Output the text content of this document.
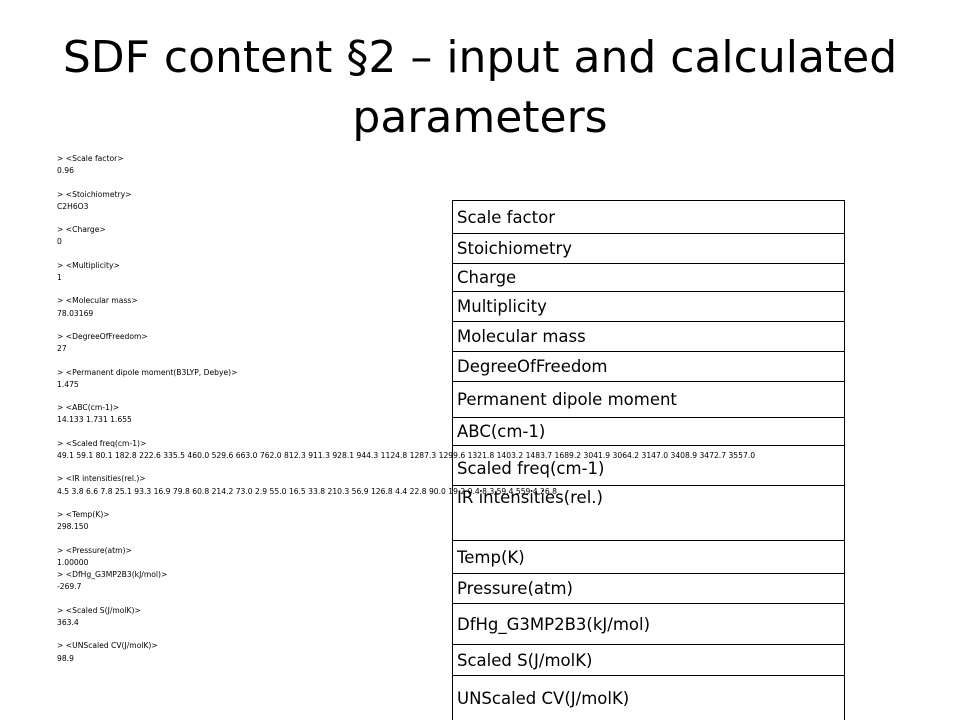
SDF content §2 – input and calculated
parameters
> <Scale factor>
0.96
> <Stoichiometry>
C2H6O3
> <Charge>
0
> <Multiplicity>
1
> <Molecular mass>
78.03169
> <DegreeOfFreedom>
27
> <Permanent dipole moment(B3LYP, Debye)>
1.475
> <ABC(cm-1)>
14.133 1.731 1.655
> <Scaled freq(cm-1)>
49.1 59.1 80.1 182.8 222.6 335.5 460.0 529.6 663.0 762.0 812.3 911.3 928.1 944.3 1124.8 1287.3 1299.6 1321.8 1403.2 1483.7 1689.2 3041.9 3064.2 3147.0 3408.9 3472.7 3557.0
> <IR intensities(rel.)>
4.5 3.8 6.6 7.8 25.1 93.3 16.9 79.8 60.8 214.2 73.0 2.9 55.0 16.5 33.8 210.3 56.9 126.8 4.4 22.8 90.0 19.2 0.4 8.3 59.4 559.4 26.8
> <Temp(K)>
298.150
> <Pressure(atm)>
1.00000
> <DfHg_G3MP2B3(kJ/mol)>
-269.7
> <Scaled S(J/molK)>
363.4
> <UNScaled CV(J/molK)>
98.9
Scale factor
Stoichiometry
Charge
Multiplicity
Molecular mass
DegreeOfFreedom
Permanent dipole moment
ABC(cm-1)
Scaled freq(cm-1)
IR intensities(rel.)
Temp(K)
Pressure(atm)
DfHg_G3MP2B3(kJ/mol)
Scaled S(J/molK)
UNScaled CV(J/molK)
